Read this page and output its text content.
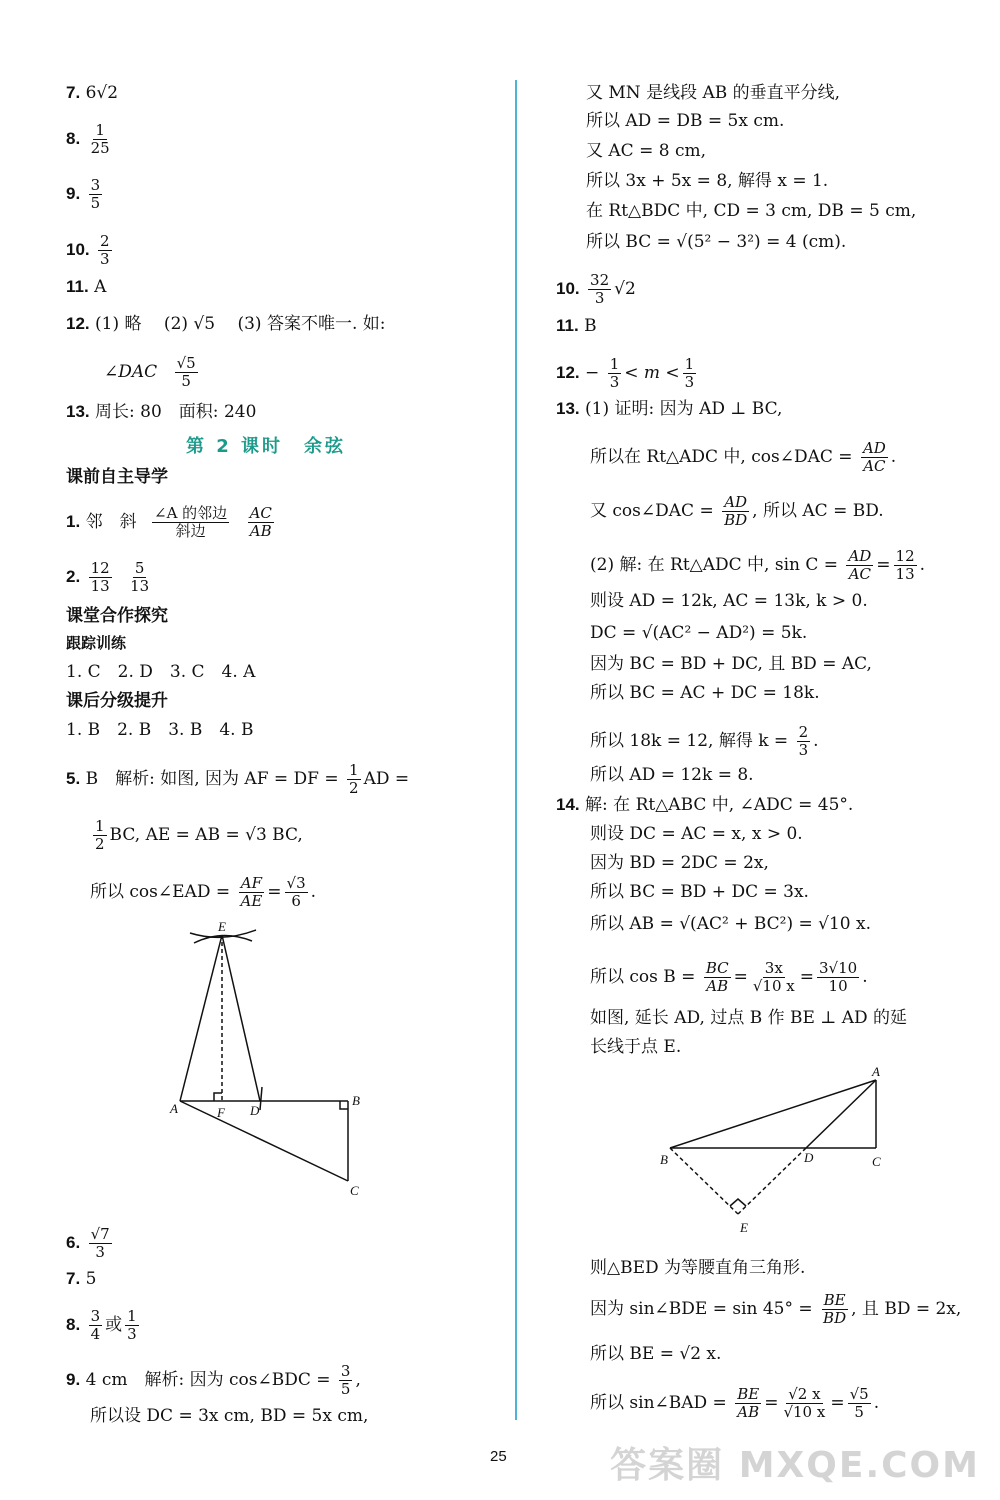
7. 6√2
8. $\frac{1}{25}$
9. $\frac{3}{5}$
10. $\frac{2}{3}$
11. A
12. (1) 略　 (2) √5　 (3) 答案不唯一. 如:
∠DAC $\frac{√5}{5}$
13. 周长: 80　面积: 240
第 2 课时　余弦
课前自主导学
1. 邻　斜 $\frac{\text{∠A 的邻边}}{\text{斜边}}$
$\frac{AC}{AB}$
2. $\frac{12}{13}$
$\frac{5}{13}$
课堂合作探究
跟踪训练
1. C　2. D　3. C　4. A
课后分级提升
1. B　2. B　3. B　4. B
5. B　解析: 如图, 因为 AF = DF = $\frac{1}{2}$ AD =
$\frac{1}{2}$ BC, AE = AB = √3 BC,
所以 cos∠EAD = $\frac{AF}{AE} = \frac{√3}{6}$ .
E
A	F D
B
C
6. $\frac{√7}{3}$
7. 5
8. $\frac{3}{4}$ 或 $\frac{1}{3}$
9. 4 cm　解析: 因为 cos∠BDC = $\frac{3}{5}$ ,
所以设 DC = 3x cm, BD = 5x cm,
又 MN 是线段 AB 的垂直平分线,
所以 AD = DB = 5x cm.
又 AC = 8 cm,
所以 3x + 5x = 8, 解得 x = 1.
在 Rt△BDC 中, CD = 3 cm, DB = 5 cm,
所以 BC = √(5² − 3²) = 4 (cm).
10. $\frac{32}{3} √2$
11. B
12. − $\frac{1}{3} < m < \frac{1}{3}$
13. (1) 证明: 因为 AD ⊥ BC,
所以在 Rt△ADC 中, cos∠DAC = $\frac{AD}{AC}$ .
又 cos∠DAC = $\frac{AD}{BD}$ , 所以 AC = BD.
(2) 解: 在 Rt△ADC 中, $\sin C = \frac{AD}{AC} = \frac{12}{13}$ .
则设 AD = 12k, AC = 13k, k > 0.
DC = √(AC² − AD²) = 5k.
因为 BC = BD + DC, 且 BD = AC,
所以 BC = AC + DC = 18k.
所以 18k = 12, 解得 $k = \frac{2}{3}$ .
所以 AD = 12k = 8.
14. 解: 在 Rt△ABC 中, ∠ADC = 45°.
则设 DC = AC = x, x > 0.
因为 BD = 2DC = 2x,
所以 BC = BD + DC = 3x.
所以 AB = √(AC² + BC²) = √10 x.
所以 $\cos B = \frac{BC}{AB} = \frac{3x}{√10 x} = \frac{3√10}{10}$ .
如图, 延长 AD, 过点 B 作 BE ⊥ AD 的延
长线于点 E.
A
B	C
D
E
则△BED 为等腰直角三角形.
因为 sin∠BDE = $\sin 45^\circ = \frac{BE}{BD}$ , 且 BD = 2x,
所以 BE = √2 x.
所以 sin∠BAD = $\frac{BE}{AB} = \frac{√2 x}{√10 x} = \frac{√5}{5}$ .
25	答案圈 MXQE.COM
